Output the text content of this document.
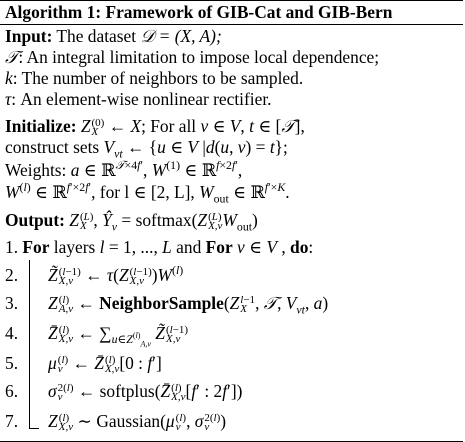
Algorithm 1: Framework of GIB-Cat and GIB-Bern
Input: The dataset 𝒟 = (X, A);
𝒯: An integral limitation to impose local dependence;
k: The number of neighbors to be sampled.
τ: An element-wise nonlinear rectifier.
Initialize: Z (0)
X ← X; For all v ∈ V, t ∈ [𝒯],
construct sets $V_{vt}$ ← {u ∈ V |d(u, v) = t};
Weights: a ∈ ℝ$^{𝒯\times 4f'}$, $W^{(1)}$ ∈ ℝ$^{f\times 2f'}$,
$W^{(l)}$ ∈ ℝ$^{f'\times 2f'}$, for l ∈ [2, L], $W_{out}$ ∈ ℝ$^{f'\times K}$.
Output: Z (L)
X , $Ŷ_v$ = softmax(Z (L)
X,v $W_{out}$)
1. For layers l = 1, ..., L and For v ∈ V , do:
2. Z̃ (l−1)
X,v ← τ(Z (l−1)
X,v )$W^{(l)}$
3. Z (l)
A,v ← NeighborSample(Z l−1
X , 𝒯, $V_{vt}$, a)
4. Z̄ (l)
X,v ← $\sum_{u\in Z^{(l)}_{A,v}}$ Z̃ (l−1)
X,v
5. μ (l)
v ← Z̄ (l)
X,v [0 : f′]
6. σ 2(l)
v ← softplus(Z̄ (l)
X,v [f′ : 2f′])
7. Z (l)
X,v ∼ Gaussian(μ (l)
v , σ 2(l)
v )
